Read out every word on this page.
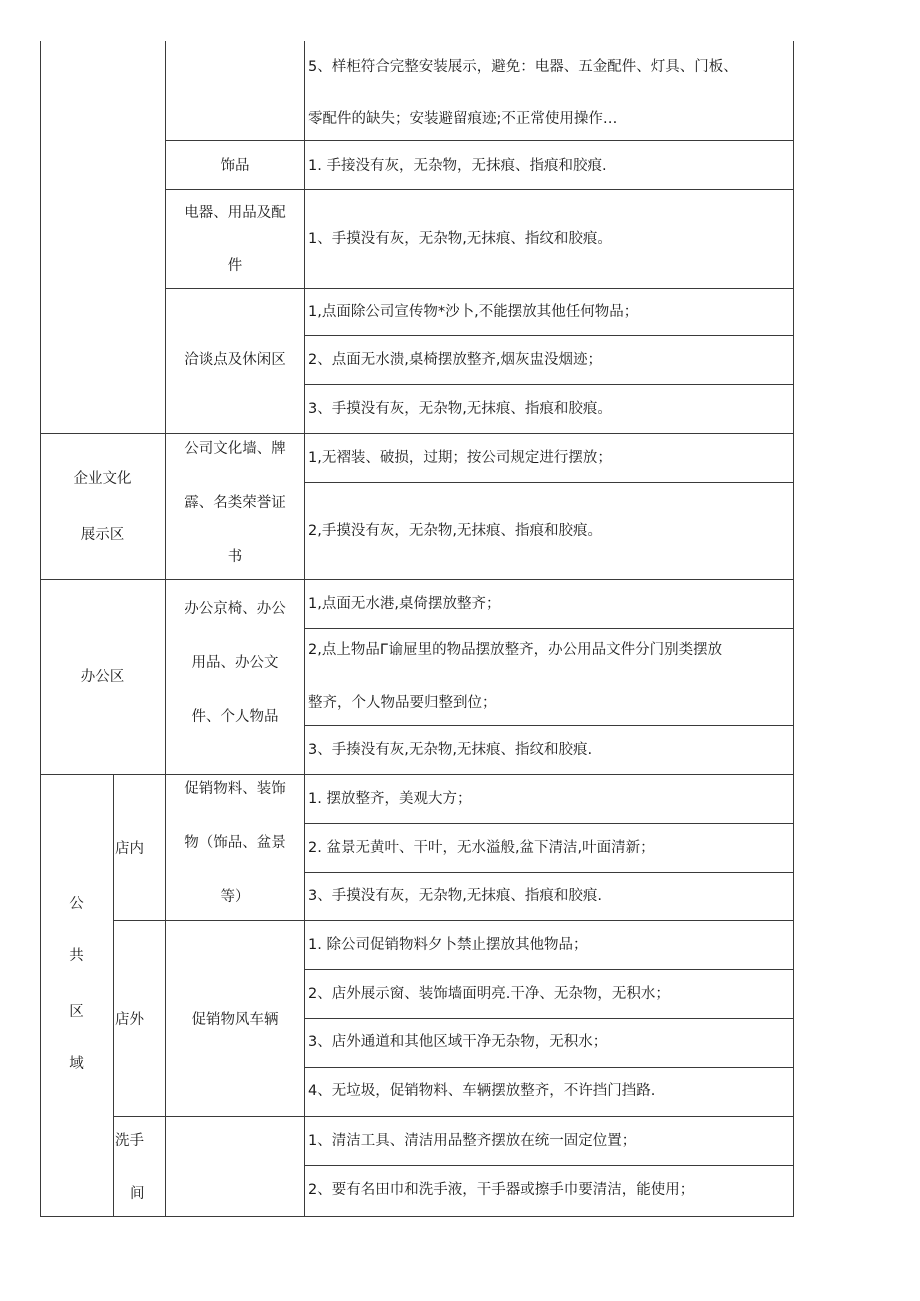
5、样柜符合完整安装展示，避免：电器、五金配件、灯具、门板、
零配件的缺失；安装避留痕迹;不正常使用操作…
饰品	1. 手接没有灰，无杂物，无抹痕、指痕和胶痕.
电器、用品及配
件
1、手摸没有灰，无杂物,无抹痕、指纹和胶痕。
洽谈点及休闲区
1,点面除公司宣传物*沙卜,不能摆放其他任何物品；
2、点面无水溃,桌椅摆放整齐,烟灰盅没烟迹；
3、手摸没有灰，无杂物,无抹痕、指痕和胶痕。
企业文化
展示区
公司文化墙、牌
霹、名类荣誉证
书
1,无褶装、破损，过期；按公司规定进行摆放；
2,手摸没有灰，无杂物,无抹痕、指痕和胶痕。
办公区
办公京椅、办公
用品、办公文
件、个人物品
1,点面无水港,桌倚摆放整齐；
2,点上物品Г谕屉里的物品摆放整齐，办公用品文件分门别类摆放
整齐，个人物品要归整到位；
3、手揍没有灰,无杂物,无抹痕、指纹和胶痕.
公
共
区
域
店内
促销物料、装饰
物（饰品、盆景
等）
1. 摆放整齐，美观大方；
2. 盆景无黄叶、干叶，无水溢般,盆下清洁,叶面清新；
3、手摸没有灰，无杂物,无抹痕、指痕和胶痕.
店外	促销物风车辆
1. 除公司促销物料夕卜禁止摆放其他物品；
2、店外展示窗、装饰墙面明亮.干净、无杂物，无积水；
3、店外通道和其他区域干净无杂物，无积水；
4、无垃圾，促销物料、车辆摆放整齐，不许挡门挡路.
洗手
间
1、清洁工具、清洁用品整齐摆放在统一固定位置；
2、要有名田巾和洗手液，干手器或擦手巾要清洁，能使用；
